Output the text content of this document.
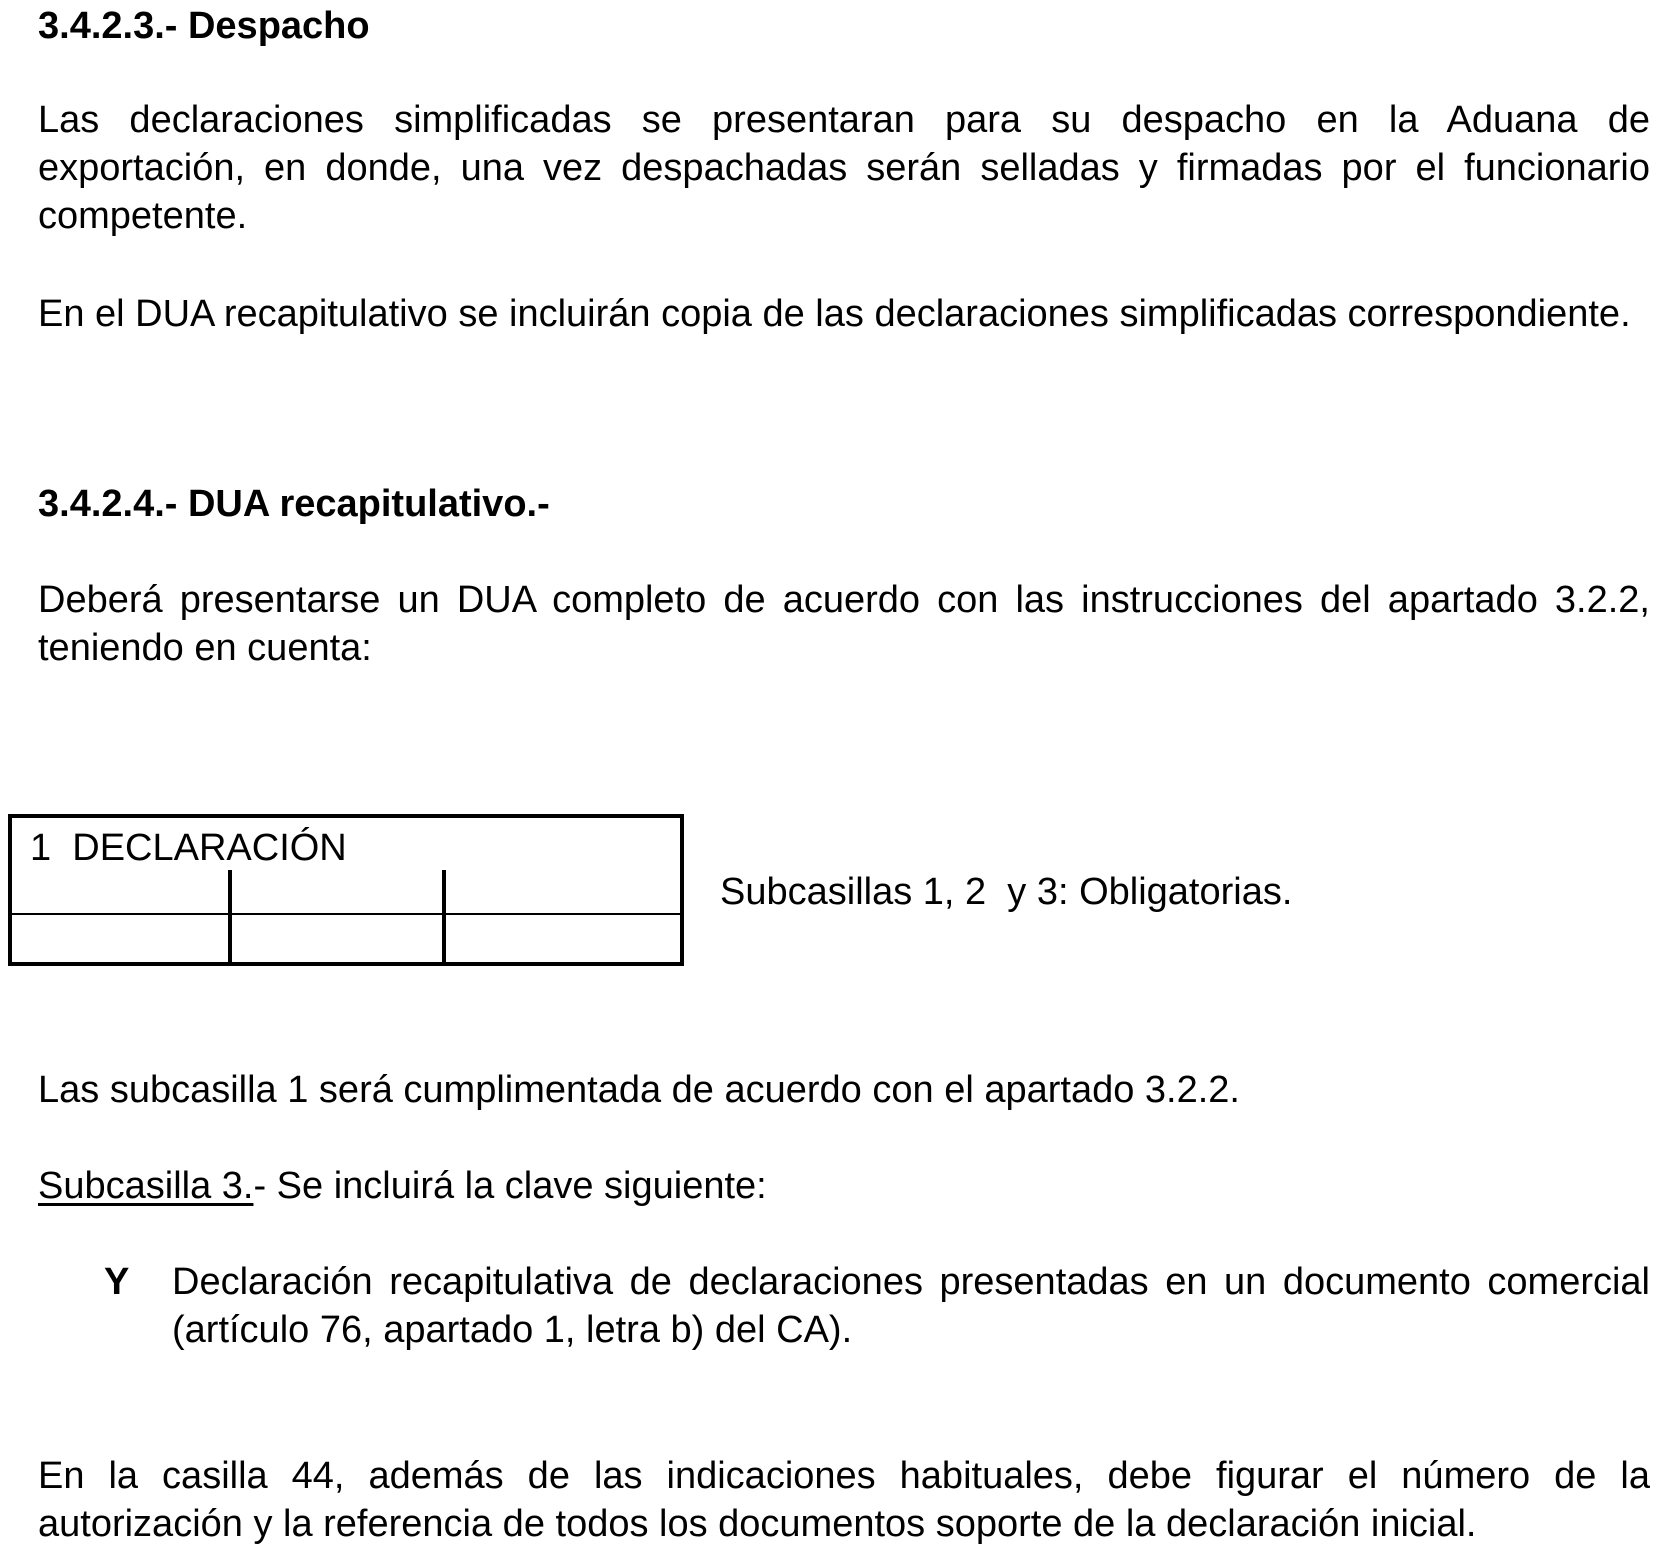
3.4.2.3.- Despacho
Las declaraciones simplificadas se presentaran para su despacho en la Aduana de exportación, en donde, una vez despachadas serán selladas y firmadas por el funcionario competente.
En el DUA recapitulativo se incluirán copia de las declaraciones simplificadas correspondiente.
3.4.2.4.- DUA recapitulativo.-
Deberá presentarse un DUA completo de acuerdo con las instrucciones del apartado 3.2.2, teniendo en cuenta:
1  DECLARACIÓN
Subcasillas 1, 2  y 3: Obligatorias.
Las subcasilla 1 será cumplimentada de acuerdo con el apartado 3.2.2.
Subcasilla 3.- Se incluirá la clave siguiente:
Y Declaración recapitulativa de declaraciones presentadas en un documento comercial (artículo 76, apartado 1, letra b) del CA).
En la casilla 44, además de las indicaciones habituales, debe figurar el número de la autorización y la referencia de todos los documentos soporte de la declaración inicial.
